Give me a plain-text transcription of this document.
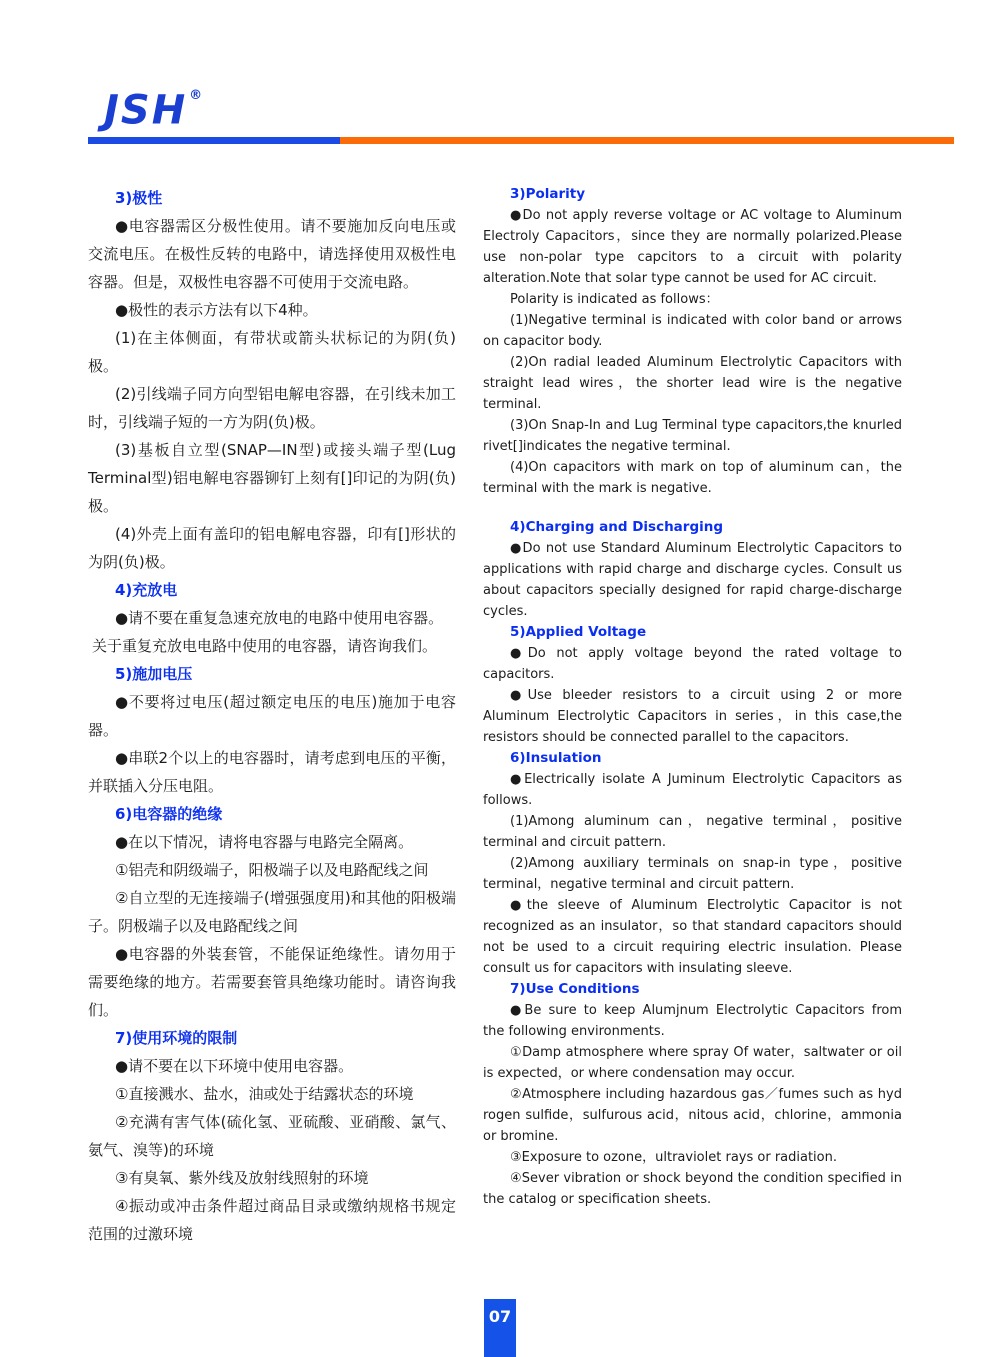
JSH ®

3)极性

●电容器需区分极性使用。请不要施加反向电压或交流电压。在极性反转的电路中，请选择使用双极性电容器。但是，双极性电容器不可使用于交流电路。

●极性的表示方法有以下4种。

(1)在主体侧面，有带状或箭头状标记的为阴(负)极。

(2)引线端子同方向型铝电解电容器，在引线未加工时，引线端子短的一方为阴(负)极。

(3)基板自立型(SNAP—IN型)或接头端子型(Lug Terminal型)铝电解电容器铆钉上刻有[]印记的为阴(负)极。

(4)外壳上面有盖印的铝电解电容器，印有[]形状的为阴(负)极。

4)充放电

●请不要在重复急速充放电的电路中使用电容器。

关于重复充放电电路中使用的电容器，请咨询我们。

5)施加电压

●不要将过电压(超过额定电压的电压)施加于电容器。

●串联2个以上的电容器时，请考虑到电压的平衡，并联插入分压电阻。

6)电容器的绝缘

●在以下情况，请将电容器与电路完全隔离。

①铝壳和阴级端子，阳极端子以及电路配线之间

②自立型的无连接端子(增强强度用)和其他的阳极端子。阴极端子以及电路配线之间

●电容器的外装套管，不能保证绝缘性。请勿用于需要绝缘的地方。若需要套管具绝缘功能时。请咨询我们。

7)使用环境的限制

●请不要在以下环境中使用电容器。

①直接溅水、盐水，油或处于结露状态的环境

②充满有害气体(硫化氢、亚硫酸、亚硝酸、氯气、氨气、溴等)的环境

③有臭氧、紫外线及放射线照射的环境

④振动或冲击条件超过商品目录或缴纳规格书规定范围的过激环境

3)Polarity

●Do not apply reverse voltage or AC voltage to Aluminum Electroly Capacitors，since they are normally polarized.Please use non-polar type capcitors to a circuit with polarity alteration.Note that solar type cannot be used for AC circuit.

Polarity is indicated as follows：

(1)Negative terminal is indicated with color band or arrows on capacitor body.

(2)On radial leaded Aluminum Electrolytic Capacitors with straight lead wires，the shorter lead wire is the negative terminal.

(3)On Snap-In and Lug Terminal type capacitors,the knurled rivet[]indicates the negative terminal.

(4)On capacitors with mark on top of aluminum can，the terminal with the mark is negative.

4)Charging and Discharging

●Do not use Standard Aluminum Electrolytic Capacitors to applications with rapid charge and discharge cycles. Consult us about capacitors specially designed for rapid charge-discharge cycles.

5)Applied Voltage

●Do not apply voltage beyond the rated voltage to capacitors.

●Use bleeder resistors to a circuit using 2 or more Aluminum Electrolytic Capacitors in series，in this case,the resistors should be connected parallel to the capacitors.

6)Insulation

●Electrically isolate A Juminum Electrolytic Capacitors as follows.

(1)Among aluminum can，negative terminal，positive terminal and circuit pattern.

(2)Among auxiliary terminals on snap-in type，positive terminal，negative terminal and circuit pattern.

●the sleeve of Aluminum Electrolytic Capacitor is not recognized as an insulator，so that standard capacitors should not be used to a circuit requiring electric insulation. Please consult us for capacitors with insulating sleeve.

7)Use Conditions

●Be sure to keep Alumjnum Electrolytic Capacitors from the following environments.

①Damp atmosphere where spray Of water，saltwater or oil is expected，or where condensation may occur.

②Atmosphere including hazardous gas／fumes such as hyd rogen sulfide，sulfurous acid，nitous acid，chlorine，ammonia or bromine.

③Exposure to ozone，ultraviolet rays or radiation.

④Sever vibration or shock beyond the condition specified in the catalog or specification sheets.

07
